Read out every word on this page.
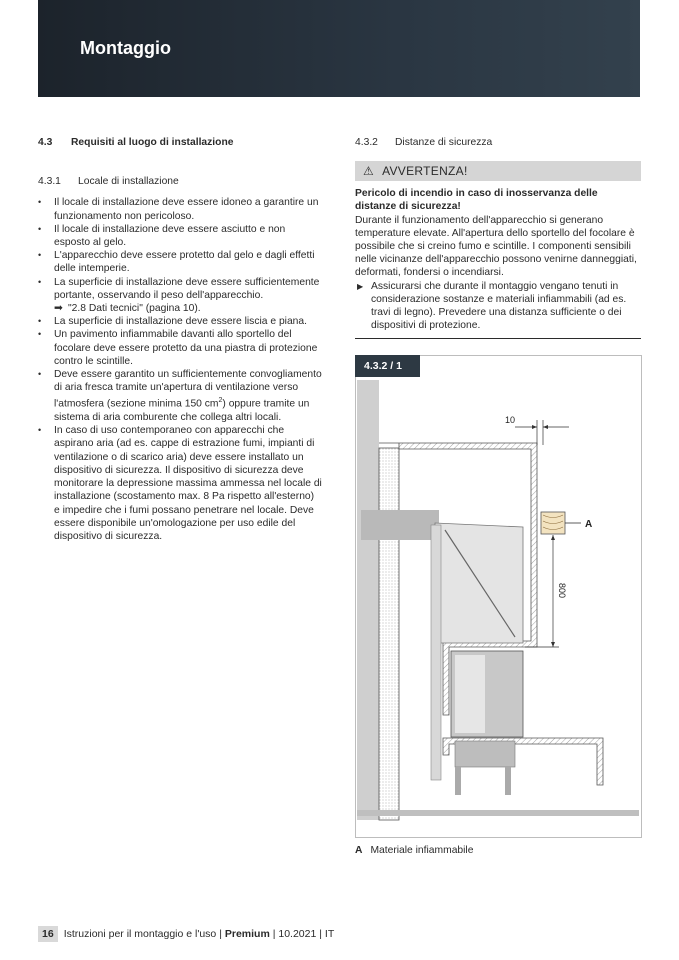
Montaggio
4.3	Requisiti al luogo di installazione
4.3.1	Locale di installazione
• Il locale di installazione deve essere idoneo a garantire un funzionamento non pericoloso.
• Il locale di installazione deve essere asciutto e non esposto al gelo.
• L'apparecchio deve essere protetto dal gelo e dagli effetti delle intemperie.
• La superficie di installazione deve essere sufficientemente portante, osservando il peso dell'apparecchio.
➡ "2.8 Dati tecnici" (pagina 10).
• La superficie di installazione deve essere liscia e piana.
• Un pavimento infiammabile davanti allo sportello del focolare deve essere protetto da una piastra di protezione contro le scintille.
• Deve essere garantito un sufficientemente convogliamento di aria fresca tramite un'apertura di ventilazione verso l'atmosfera (sezione minima 150 $cm^2$) oppure tramite un sistema di aria comburente che collega altri locali.
• In caso di uso contemporaneo con apparecchi che aspirano aria (ad es. cappe di estrazione fumi, impianti di ventilazione o di scarico aria) deve essere installato un dispositivo di sicurezza. Il dispositivo di sicurezza deve monitorare la depressione massima ammessa nel locale di installazione (scostamento max. 8 Pa rispetto all'esterno) e impedire che i fumi possano penetrare nel locale. Deve essere disponibile un'omologazione per uso edile del dispositivo di sicurezza.
4.3.2	Distanze di sicurezza
⚠ AVVERTENZA!
Pericolo di incendio in caso di inosservanza delle distanze di sicurezza!
Durante il funzionamento dell'apparecchio si generano temperature elevate. All'apertura dello sportello del focolare è possibile che si creino fumo e scintille. I componenti sensibili nelle vicinanze dell'apparecchio possono venirne danneggiati, deformati, fondersi o incendiarsi.
▶ Assicurarsi che durante il montaggio vengano tenuti in considerazione sostanze e materiali infiammabili (ad es. travi di legno). Prevedere una distanza sufficiente o dei dispositivi di protezione.
4.3.2 / 1
A
10
800
A Materiale infiammabile
16 Istruzioni per il montaggio e l'uso
|
Premium
|
10.2021
|
IT
